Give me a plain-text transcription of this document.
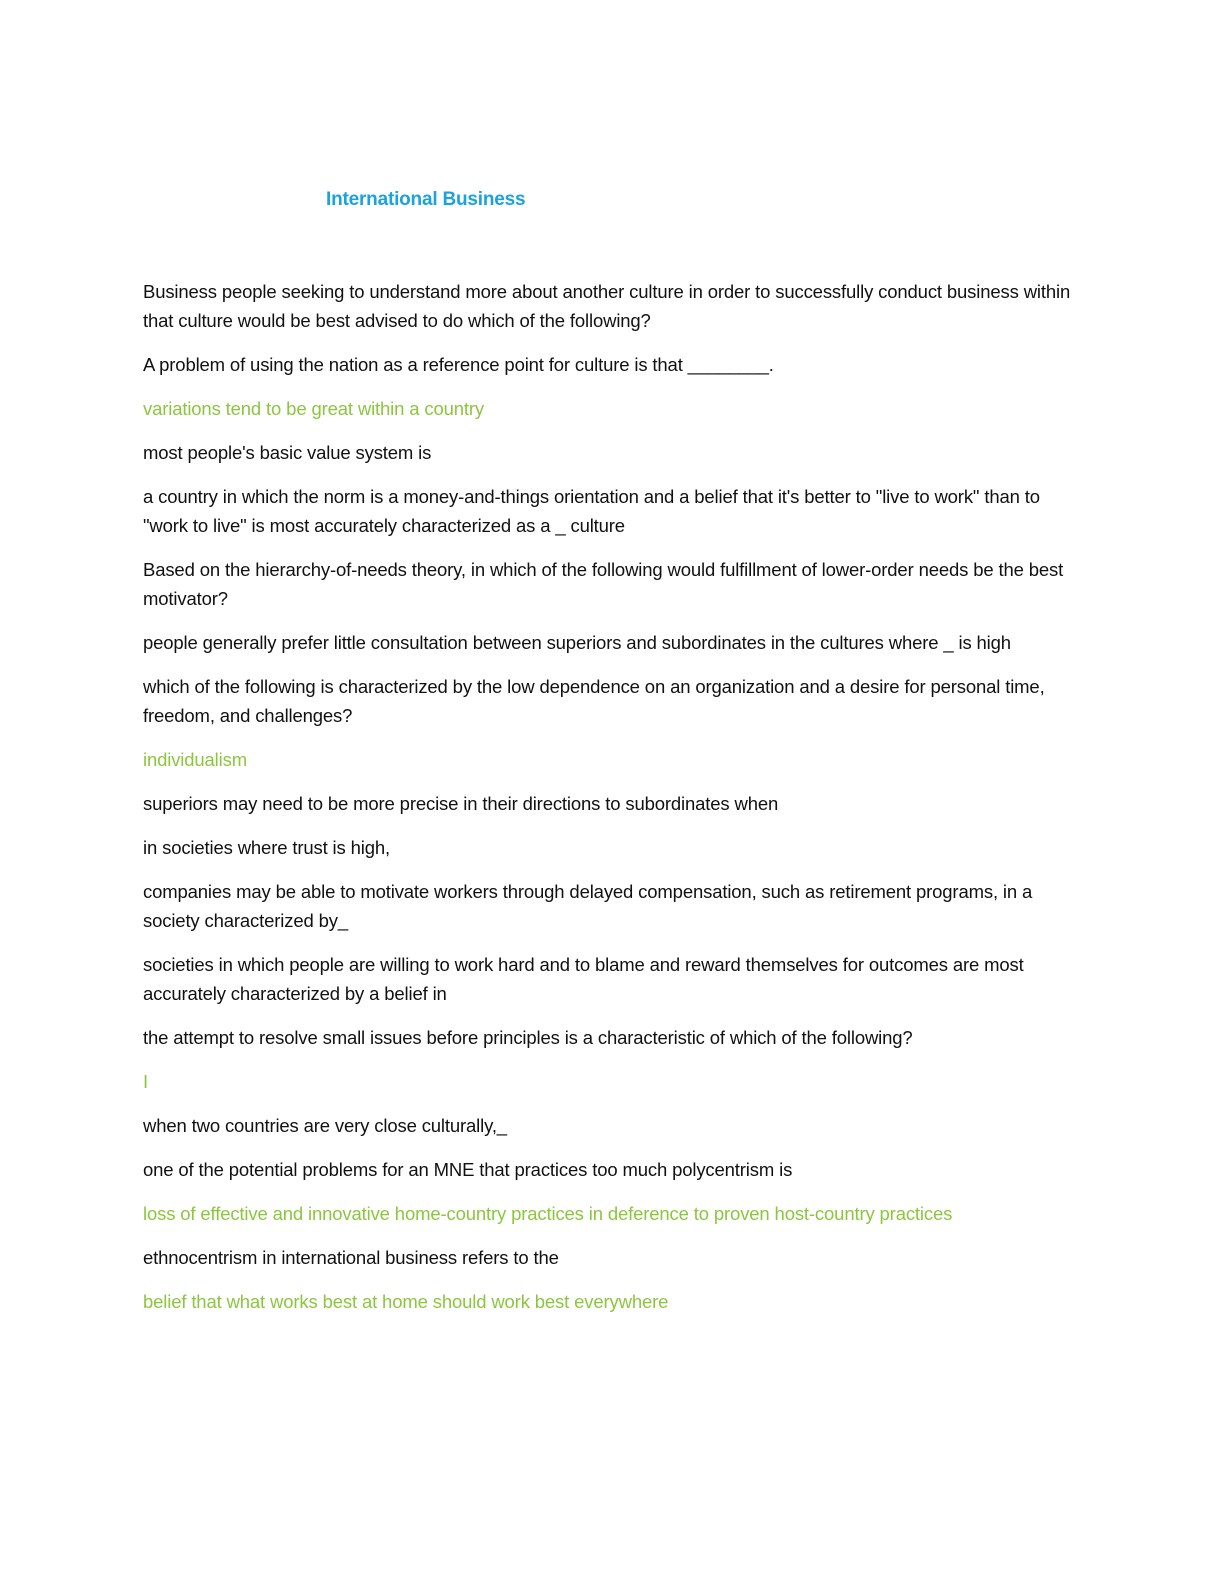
International Business

Business people seeking to understand more about another culture in order to successfully conduct business within that culture would be best advised to do which of the following?

A problem of using the nation as a reference point for culture is that ________.

variations tend to be great within a country

most people's basic value system is

a country in which the norm is a money-and-things orientation and a belief that it's better to "live to work" than to "work to live" is most accurately characterized as a _ culture

Based on the hierarchy-of-needs theory, in which of the following would fulfillment of lower-order needs be the best motivator?

people generally prefer little consultation between superiors and subordinates in the cultures where _ is high

which of the following is characterized by the low dependence on an organization and a desire for personal time, freedom, and challenges?

individualism

superiors may need to be more precise in their directions to subordinates when

in societies where trust is high,

companies may be able to motivate workers through delayed compensation, such as retirement programs, in a society characterized by_

societies in which people are willing to work hard and to blame and reward themselves for outcomes are most accurately characterized by a belief in

the attempt to resolve small issues before principles is a characteristic of which of the following?

I

when two countries are very close culturally,_

one of the potential problems for an MNE that practices too much polycentrism is

loss of effective and innovative home-country practices in deference to proven host-country practices

ethnocentrism in international business refers to the

belief that what works best at home should work best everywhere
